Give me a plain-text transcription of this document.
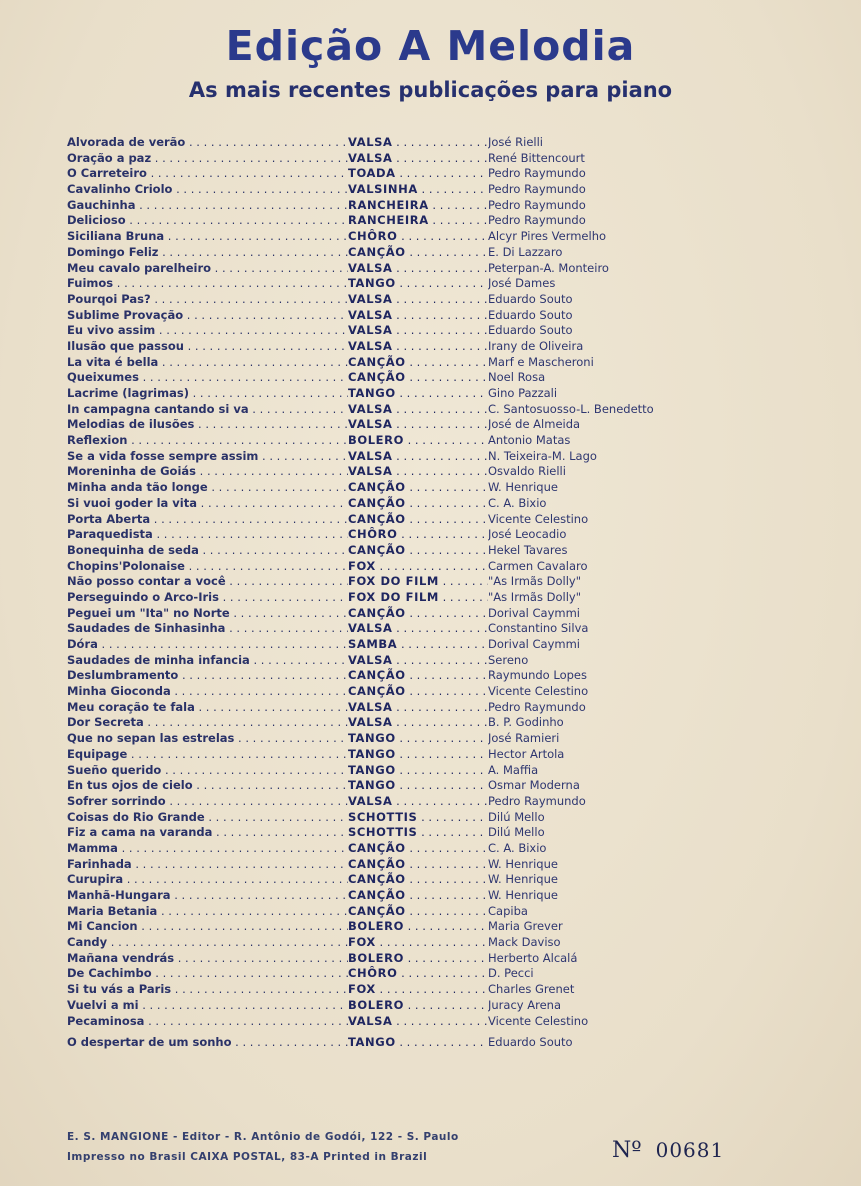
Edição A Melodia
As mais recentes publicações para piano
Alvorada de verão . . .	VALSA . . .	José Rielli
Oração a paz . . .	VALSA . . .	René Bittencourt
O Carreteiro . . .	TOADA . . .	Pedro Raymundo
Cavalinho Criolo . . .	VALSINHA . . .	Pedro Raymundo
Gauchinha . . .	RANCHEIRA . . .	Pedro Raymundo
Delicioso . . .	RANCHEIRA . . .	Pedro Raymundo
Siciliana Bruna . . .	CHÔRO . . .	Alcyr Pires Vermelho
Domingo Feliz . . .	CANÇÃO . . .	E. Di Lazzaro
Meu cavalo parelheiro . . .	VALSA . . .	Peterpan-A. Monteiro
Fuimos . . .	TANGO . . .	José Dames
Pourqoi Pas? . . .	VALSA . . .	Eduardo Souto
Sublime Provação . . .	VALSA . . .	Eduardo Souto
Eu vivo assim . . .	VALSA . . .	Eduardo Souto
Ilusão que passou . . .	VALSA . . .	Irany de Oliveira
La vita é bella . . .	CANÇÃO . . .	Marf e Mascheroni
Queixumes . . .	CANÇÃO . . .	Noel Rosa
Lacrime (lagrimas) . . .	TANGO . . .	Gino Pazzali
In campagna cantando si va . . .	VALSA . . .	C. Santosuosso-L. Benedetto
Melodias de ilusões . . .	VALSA . . .	José de Almeida
Reflexion . . .	BOLERO . . .	Antonio Matas
Se a vida fosse sempre assim . . .	VALSA . . .	N. Teixeira-M. Lago
Moreninha de Goiás . . .	VALSA . . .	Osvaldo Rielli
Minha anda tão longe . . .	CANÇÃO . . .	W. Henrique
Si vuoi goder la vita . . .	CANÇÃO . . .	C. A. Bixio
Porta Aberta . . .	CANÇÃO . . .	Vicente Celestino
Paraquedista . . .	CHÔRO . . .	José Leocadio
Bonequinha de seda . . .	CANÇÃO . . .	Hekel Tavares
Chopins'Polonaise . . .	FOX . . .	Carmen Cavalaro
Não posso contar a você . . .	FOX DO FILM . . .	"As Irmãs Dolly"
Perseguindo o Arco-Iris . . .	FOX DO FILM . . .	"As Irmãs Dolly"
Peguei um "Ita" no Norte . . .	CANÇÃO . . .	Dorival Caymmi
Saudades de Sinhasinha . . .	VALSA . . .	Constantino Silva
Dóra . . .	SAMBA . . .	Dorival Caymmi
Saudades de minha infancia . . .	VALSA . . .	Sereno
Deslumbramento . . .	CANÇÃO . . .	Raymundo Lopes
Minha Gioconda . . .	CANÇÃO . . .	Vicente Celestino
Meu coração te fala . . .	VALSA . . .	Pedro Raymundo
Dor Secreta . . .	VALSA . . .	B. P. Godinho
Que no sepan las estrelas . . .	TANGO . . .	José Ramieri
Equipage . . .	TANGO . . .	Hector Artola
Sueño querido . . .	TANGO . . .	A. Maffia
En tus ojos de cielo . . .	TANGO . . .	Osmar Moderna
Sofrer sorrindo . . .	VALSA . . .	Pedro Raymundo
Coisas do Rio Grande . . .	SCHOTTIS . . .	Dilú Mello
Fiz a cama na varanda . . .	SCHOTTIS . . .	Dilú Mello
Mamma . . .	CANÇÃO . . .	C. A. Bixio
Farinhada . . .	CANÇÃO . . .	W. Henrique
Curupira . . .	CANÇÃO . . .	W. Henrique
Manhã-Hungara . . .	CANÇÃO . . .	W. Henrique
Maria Betania . . .	CANÇÃO . . .	Capiba
Mi Cancion . . .	BOLERO . . .	Maria Grever
Candy . . .	FOX . . .	Mack Daviso
Mañana vendrás . . .	BOLERO . . .	Herberto Alcalá
De Cachimbo . . .	CHÔRO . . .	D. Pecci
Si tu vás a Paris . . .	FOX . . .	Charles Grenet
Vuelvi a mi . . .	BOLERO . . .	Juracy Arena
Pecaminosa . . .	VALSA . . .	Vicente Celestino
O despertar de um sonho . . .	TANGO . . .	Eduardo Souto
E. S. MANGIONE - Editor - R. Antônio de Godói, 122 - S. Paulo
Impresso no Brasil CAIXA POSTAL, 83-A Printed in Brazil	Nº 00681
